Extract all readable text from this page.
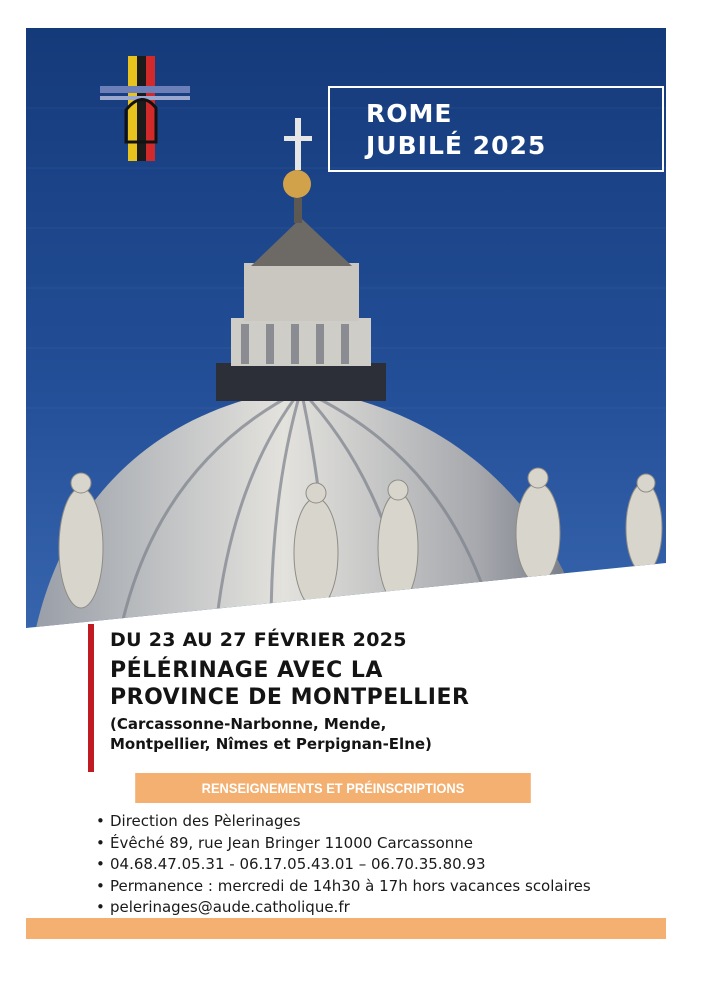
ROME
JUBILÉ 2025
DU 23 AU 27 FÉVRIER 2025
PÉLÉRINAGE AVEC LA
PROVINCE DE MONTPELLIER
(Carcassonne-Narbonne, Mende,
Montpellier, Nîmes et Perpignan-Elne)
RENSEIGNEMENTS ET PRÉINSCRIPTIONS
• Direction des Pèlerinages
• Évêché 89, rue Jean Bringer 11000 Carcassonne
• 04.68.47.05.31 - 06.17.05.43.01 – 06.70.35.80.93
• Permanence : mercredi de 14h30 à 17h hors vacances scolaires
• pelerinages@aude.catholique.fr
